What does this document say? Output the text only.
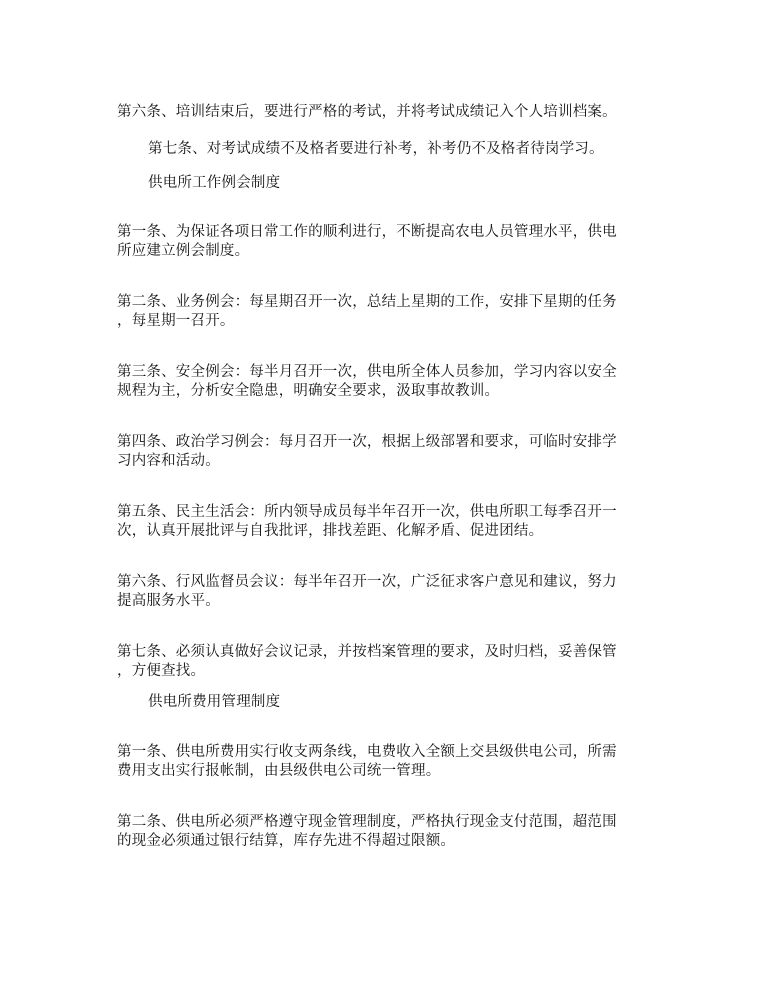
第六条、培训结束后，要进行严格的考试，并将考试成绩记入个人培训档案。
第七条、对考试成绩不及格者要进行补考，补考仍不及格者待岗学习。
供电所工作例会制度
第一条、为保证各项日常工作的顺利进行，不断提高农电人员管理水平，供电
所应建立例会制度。
第二条、业务例会：每星期召开一次，总结上星期的工作，安排下星期的任务
，每星期一召开。
第三条、安全例会：每半月召开一次，供电所全体人员参加，学习内容以安全
规程为主，分析安全隐患，明确安全要求，汲取事故教训。
第四条、政治学习例会：每月召开一次，根据上级部署和要求，可临时安排学
习内容和活动。
第五条、民主生活会：所内领导成员每半年召开一次，供电所职工每季召开一
次，认真开展批评与自我批评，排找差距、化解矛盾、促进团结。
第六条、行风监督员会议：每半年召开一次，广泛征求客户意见和建议，努力
提高服务水平。
第七条、必须认真做好会议记录，并按档案管理的要求，及时归档，妥善保管
，方便查找。
供电所费用管理制度
第一条、供电所费用实行收支两条线，电费收入全额上交县级供电公司，所需
费用支出实行报帐制，由县级供电公司统一管理。
第二条、供电所必须严格遵守现金管理制度，严格执行现金支付范围，超范围
的现金必须通过银行结算，库存先进不得超过限额。
